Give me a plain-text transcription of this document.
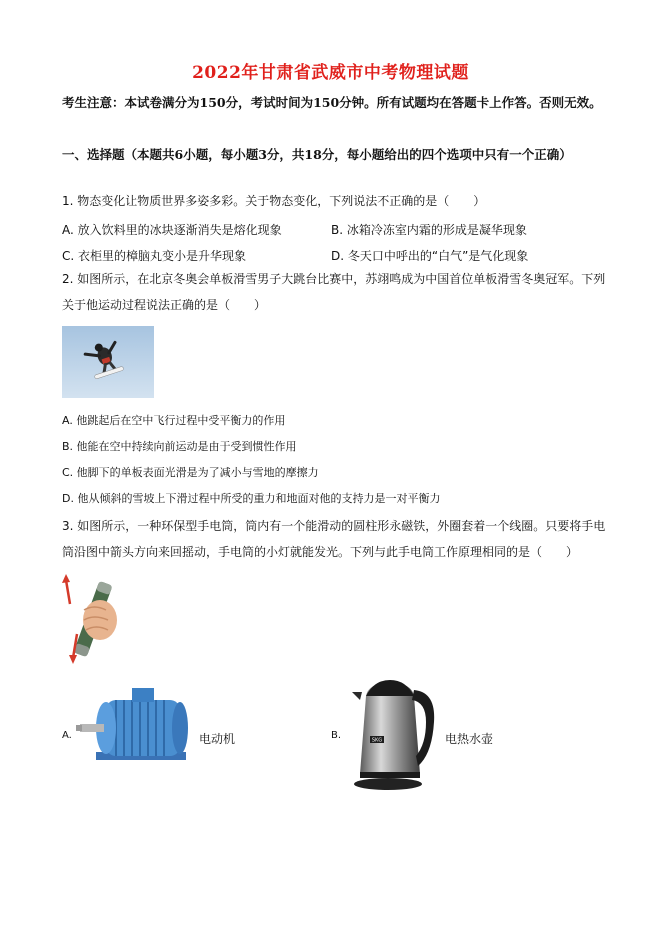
2022年甘肃省武威市中考物理试题
考生注意：本试卷满分为150分，考试时间为150分钟。所有试题均在答题卡上作答。否则无效。
一、选择题（本题共6小题，每小题3分，共18分，每小题给出的四个选项中只有一个正确）
1. 物态变化让物质世界多姿多彩。关于物态变化，下列说法不正确的是（　　）
A. 放入饮料里的冰块逐渐消失是熔化现象	B. 冰箱冷冻室内霜的形成是凝华现象
C. 衣柜里的樟脑丸变小是升华现象	D. 冬天口中呼出的“白气”是气化现象
2. 如图所示，在北京冬奥会单板滑雪男子大跳台比赛中，苏翊鸣成为中国首位单板滑雪冬奥冠军。下列关于他运动过程说法正确的是（　　）
A. 他跳起后在空中飞行过程中受平衡力的作用
B. 他能在空中持续向前运动是由于受到惯性作用
C. 他脚下的单板表面光滑是为了减小与雪地的摩擦力
D. 他从倾斜的雪坡上下滑过程中所受的重力和地面对他的支持力是一对平衡力
3. 如图所示，一种环保型手电筒，筒内有一个能滑动的圆柱形永磁铁，外圈套着一个线圈。只要将手电筒沿图中箭头方向来回摇动，手电筒的小灯就能发光。下列与此手电筒工作原理相同的是（　　）
A.	电动机	B.	SKG	电热水壶
